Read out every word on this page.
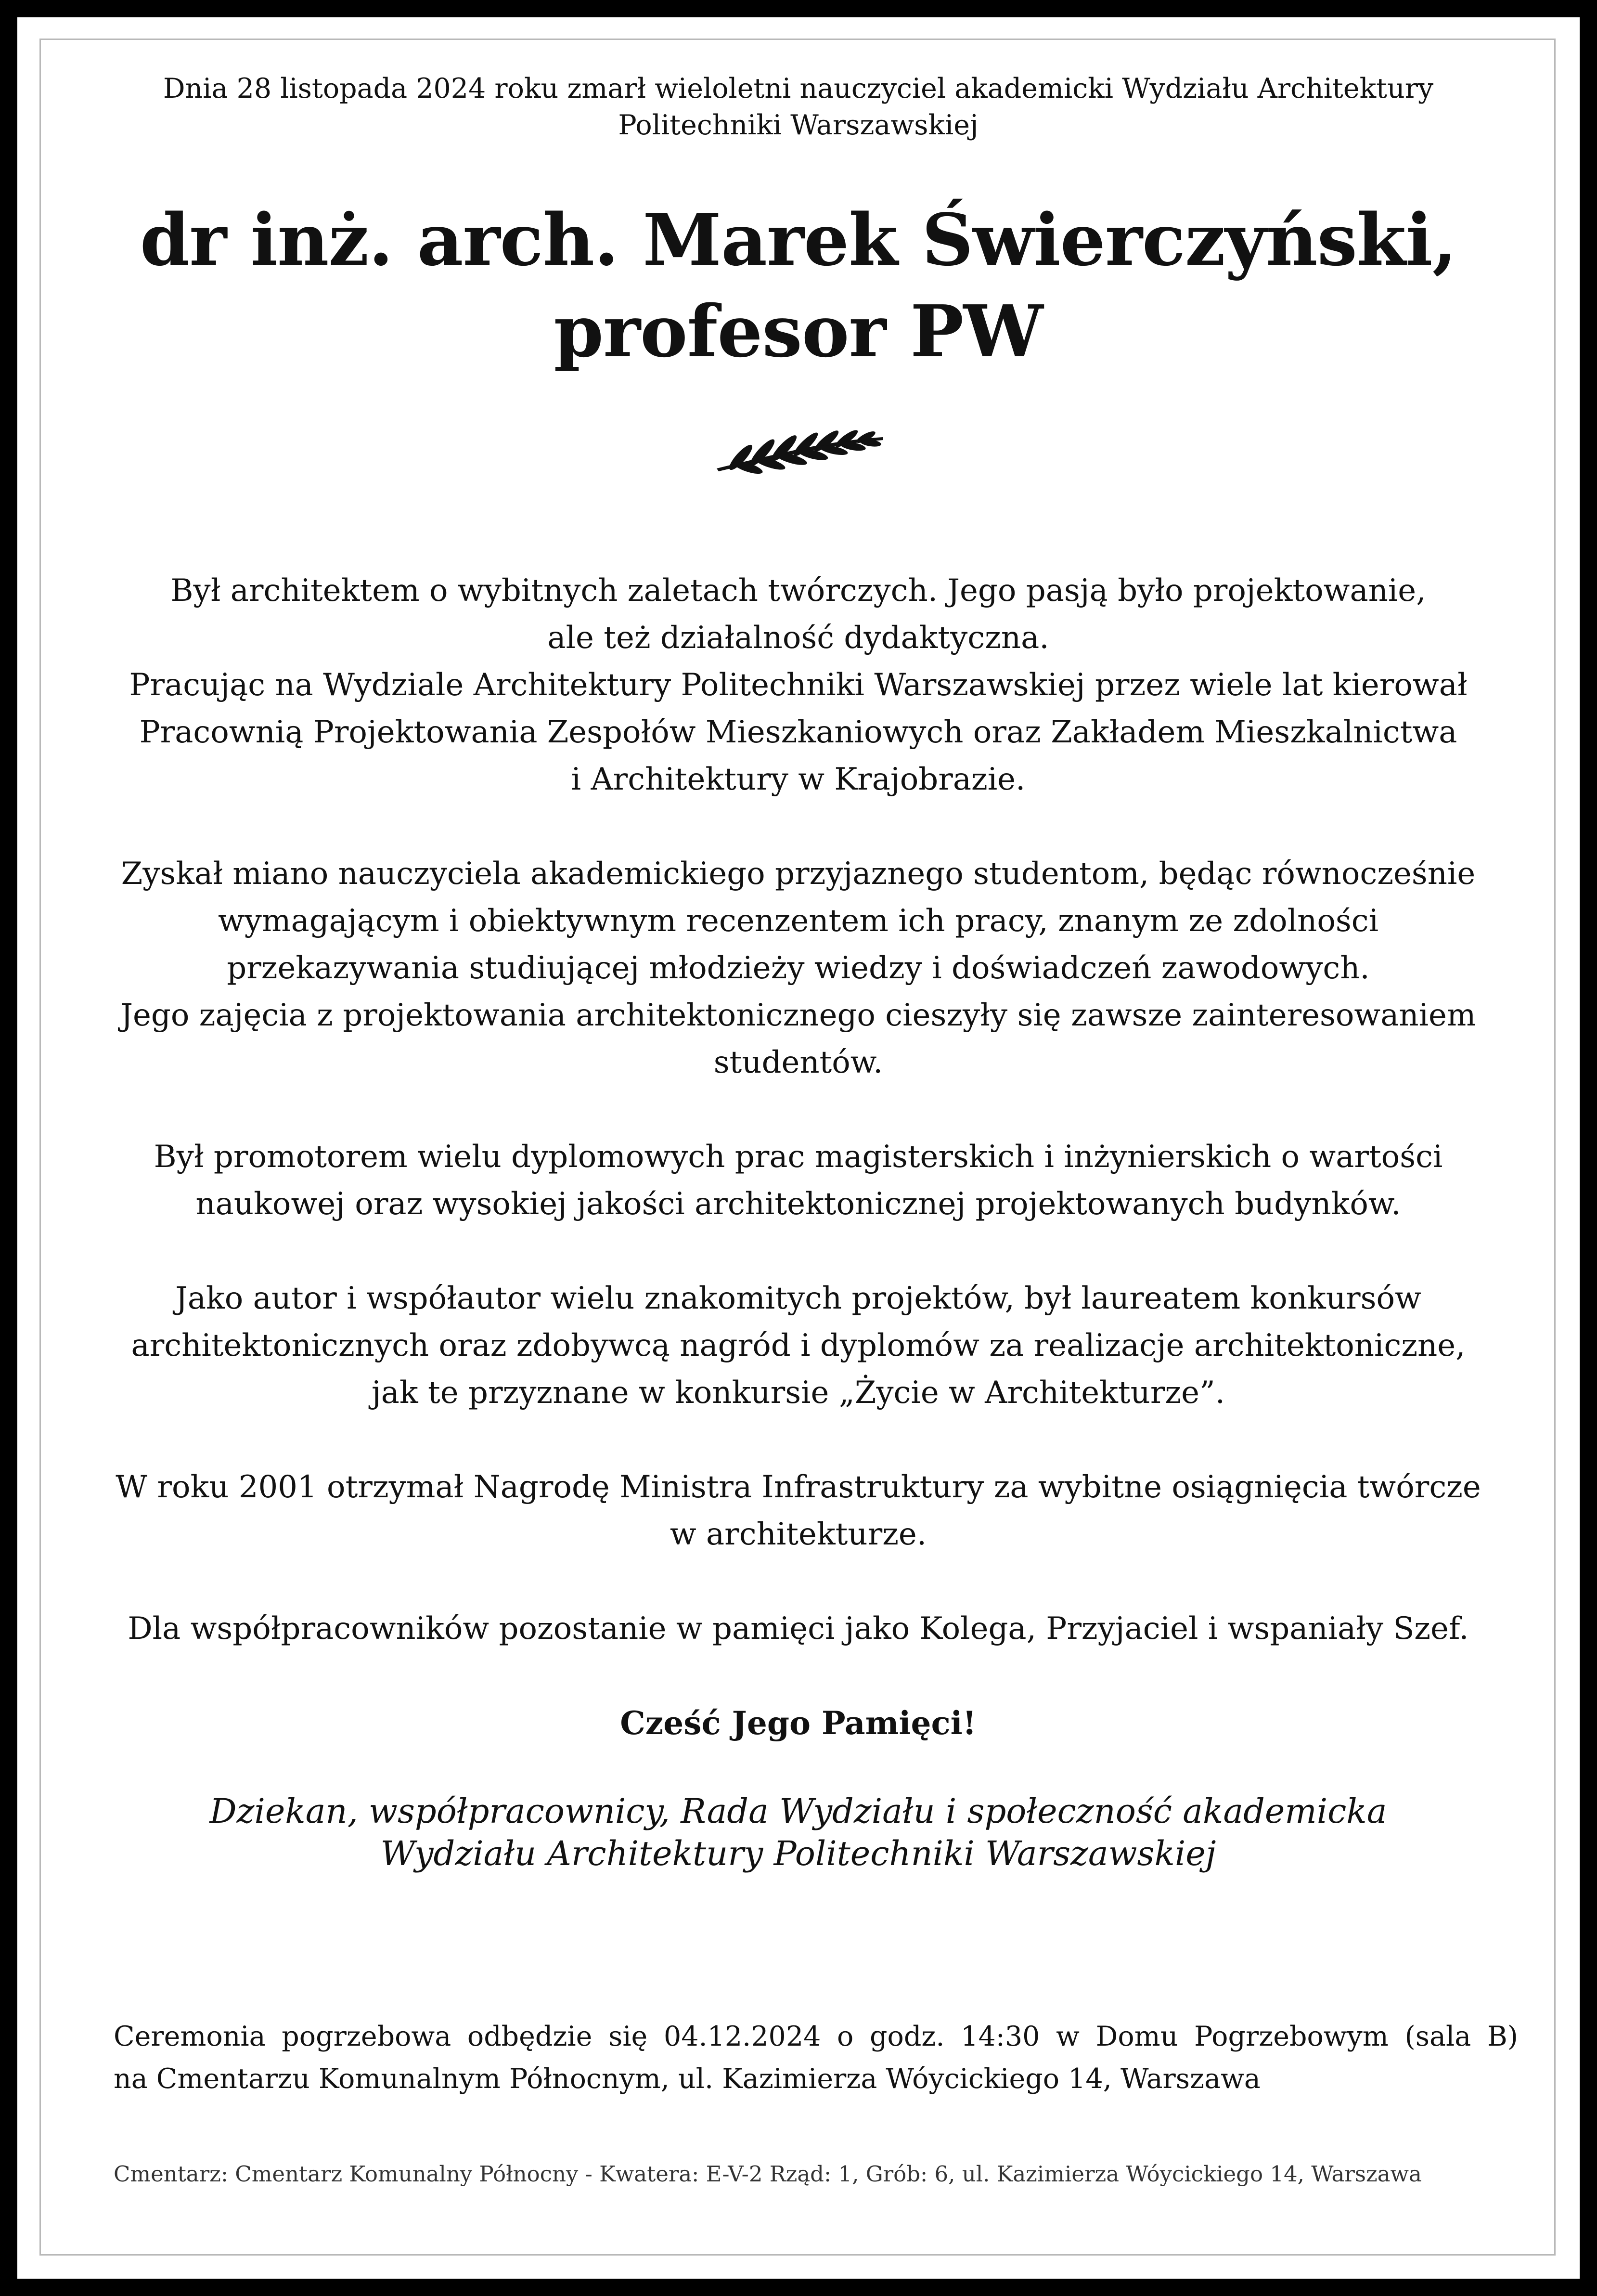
Dnia 28 listopada 2024 roku zmarł wieloletni nauczyciel akademicki Wydziału Architektury
Politechniki Warszawskiej

dr inż. arch. Marek Świerczyński,
profesor PW

Był architektem o wybitnych zaletach twórczych. Jego pasją było projektowanie,
ale też działalność dydaktyczna.
Pracując na Wydziale Architektury Politechniki Warszawskiej przez wiele lat kierował
Pracownią Projektowania Zespołów Mieszkaniowych oraz Zakładem Mieszkalnictwa
i Architektury w Krajobrazie.

Zyskał miano nauczyciela akademickiego przyjaznego studentom, będąc równocześnie
wymagającym i obiektywnym recenzentem ich pracy, znanym ze zdolności
przekazywania studiującej młodzieży wiedzy i doświadczeń zawodowych.
Jego zajęcia z projektowania architektonicznego cieszyły się zawsze zainteresowaniem
studentów.

Był promotorem wielu dyplomowych prac magisterskich i inżynierskich o wartości
naukowej oraz wysokiej jakości architektonicznej projektowanych budynków.

Jako autor i współautor wielu znakomitych projektów, był laureatem konkursów
architektonicznych oraz zdobywcą nagród i dyplomów za realizacje architektoniczne,
jak te przyznane w konkursie „Życie w Architekturze”.

W roku 2001 otrzymał Nagrodę Ministra Infrastruktury za wybitne osiągnięcia twórcze
w architekturze.

Dla współpracowników pozostanie w pamięci jako Kolega, Przyjaciel i wspaniały Szef.

Cześć Jego Pamięci!

Dziekan, współpracownicy, Rada Wydziału i społeczność akademicka
Wydziału Architektury Politechniki Warszawskiej

Ceremonia pogrzebowa odbędzie się 04.12.2024 o godz. 14:30 w Domu Pogrzebowym (sala B)

na Cmentarzu Komunalnym Północnym, ul. Kazimierza Wóycickiego 14, Warszawa

Cmentarz: Cmentarz Komunalny Północny - Kwatera: E-V-2 Rząd: 1, Grób: 6, ul. Kazimierza Wóycickiego 14, Warszawa
